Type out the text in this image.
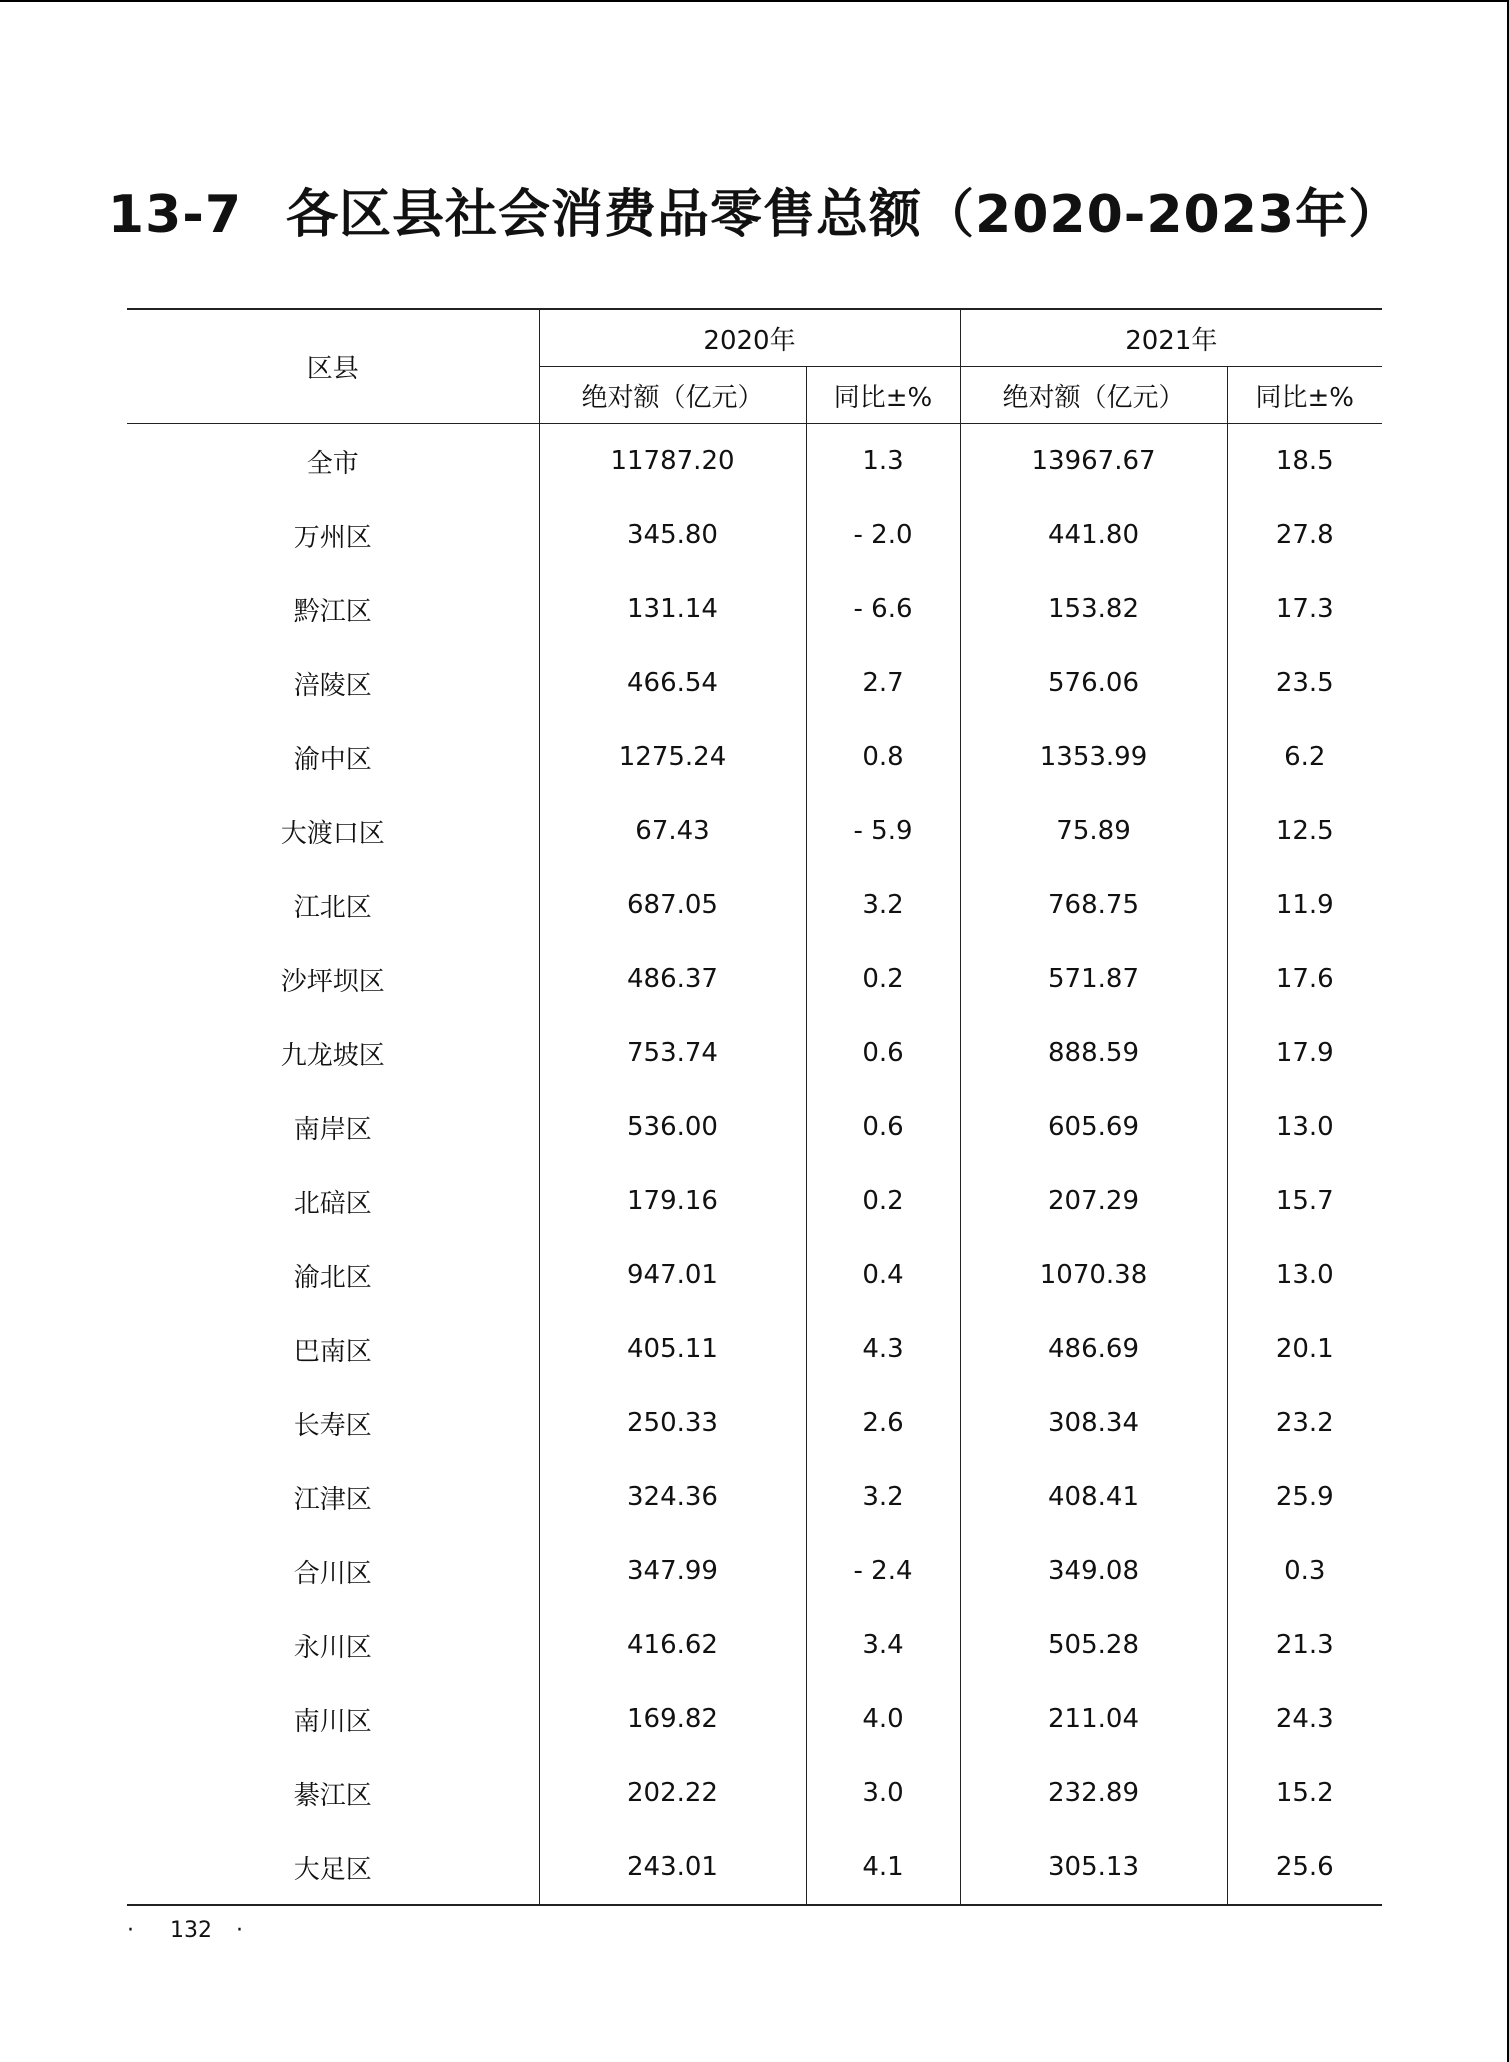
13-7 各区县社会消费品零售总额（2020-2023年）
区县	2020年		2021年	
	绝对额（亿元）	同比±%	绝对额（亿元）	同比±%
全市	11787.20	1.3	13967.67	18.5
万州区	345.80	- 2.0	441.80	27.8
黔江区	131.14	- 6.6	153.82	17.3
涪陵区	466.54	2.7	576.06	23.5
渝中区	1275.24	0.8	1353.99	6.2
大渡口区	67.43	- 5.9	75.89	12.5
江北区	687.05	3.2	768.75	11.9
沙坪坝区	486.37	0.2	571.87	17.6
九龙坡区	753.74	0.6	888.59	17.9
南岸区	536.00	0.6	605.69	13.0
北碚区	179.16	0.2	207.29	15.7
渝北区	947.01	0.4	1070.38	13.0
巴南区	405.11	4.3	486.69	20.1
长寿区	250.33	2.6	308.34	23.2
江津区	324.36	3.2	408.41	25.9
合川区	347.99	- 2.4	349.08	0.3
永川区	416.62	3.4	505.28	21.3
南川区	169.82	4.0	211.04	24.3
綦江区	202.22	3.0	232.89	15.2
大足区	243.01	4.1	305.13	25.6
· 132 ·
